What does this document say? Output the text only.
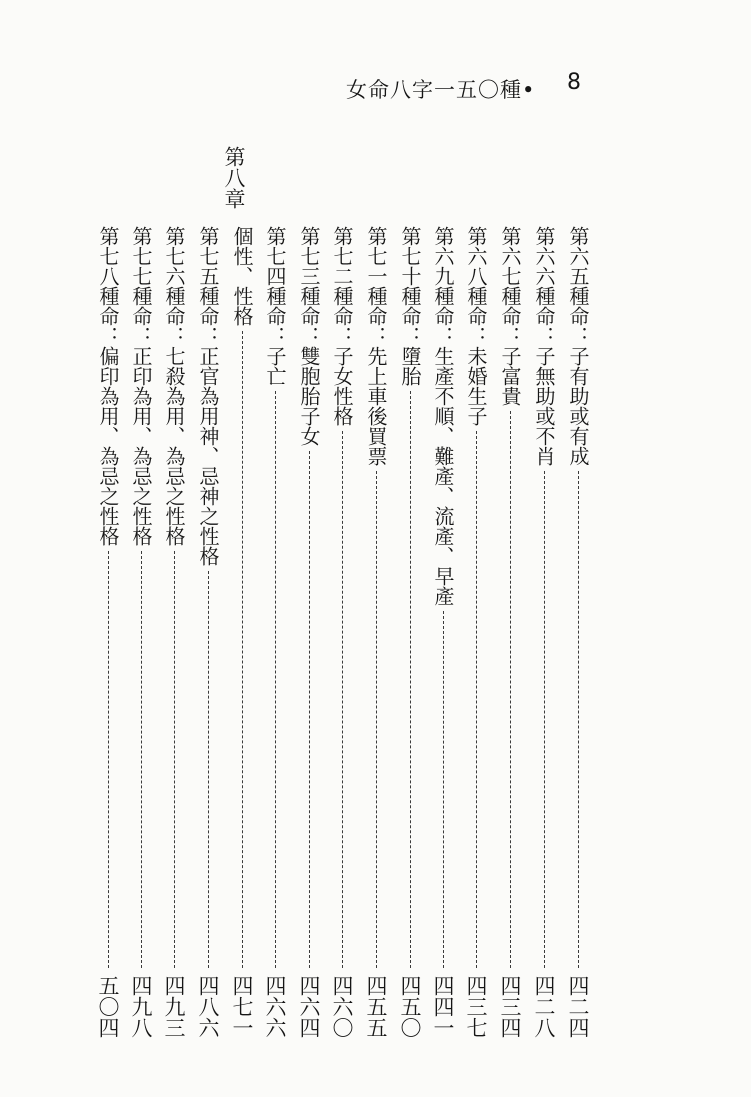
女命八字一五〇種• 8
第八章
第六五種命：子有助或有成
四二四
第六六種命：子無助或不肖
四二八
第六七種命：子富貴
四三四
第六八種命：未婚生子
四三七
第六九種命：生產不順、難產、流產、早產
四四一
第七十種命：墮胎
四五〇
第七一種命：先上車後買票
四五五
第七二種命：子女性格
四六〇
第七三種命：雙胞胎子女
四六四
第七四種命：子亡
四六六
個性、性格
四七一
第七五種命：正官為用神、忌神之性格
四八六
第七六種命：七殺為用、為忌之性格
四九三
第七七種命：正印為用、為忌之性格
四九八
第七八種命：偏印為用、為忌之性格
五〇四
